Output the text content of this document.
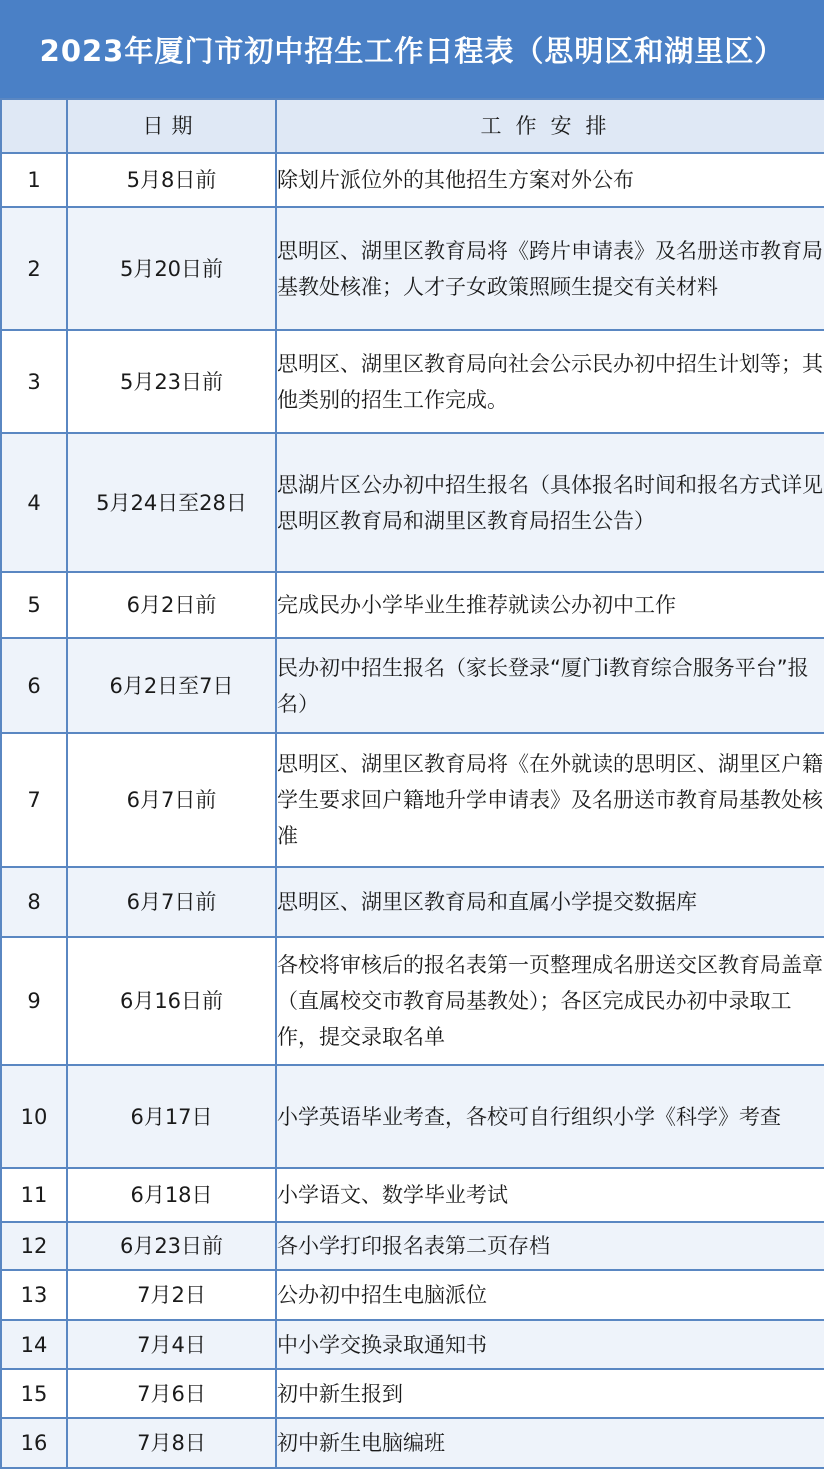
2023年厦门市初中招生工作日程表（思明区和湖里区）
	日期	工作安排
1	5月8日前	除划片派位外的其他招生方案对外公布
2	5月20日前	思明区、湖里区教育局将《跨片申请表》及名册送市教育局基教处核准；人才子女政策照顾生提交有关材料
3	5月23日前	思明区、湖里区教育局向社会公示民办初中招生计划等；其他类别的招生工作完成。
4	5月24日至28日	思湖片区公办初中招生报名（具体报名时间和报名方式详见思明区教育局和湖里区教育局招生公告）
5	6月2日前	完成民办小学毕业生推荐就读公办初中工作
6	6月2日至7日	民办初中招生报名（家长登录“厦门i教育综合服务平台”报名）
7	6月7日前	思明区、湖里区教育局将《在外就读的思明区、湖里区户籍学生要求回户籍地升学申请表》及名册送市教育局基教处核准
8	6月7日前	思明区、湖里区教育局和直属小学提交数据库
9	6月16日前	各校将审核后的报名表第一页整理成名册送交区教育局盖章（直属校交市教育局基教处）；各区完成民办初中录取工作，提交录取名单
10	6月17日	小学英语毕业考查，各校可自行组织小学《科学》考查
11	6月18日	小学语文、数学毕业考试
12	6月23日前	各小学打印报名表第二页存档
13	7月2日	公办初中招生电脑派位
14	7月4日	中小学交换录取通知书
15	7月6日	初中新生报到
16	7月8日	初中新生电脑编班
